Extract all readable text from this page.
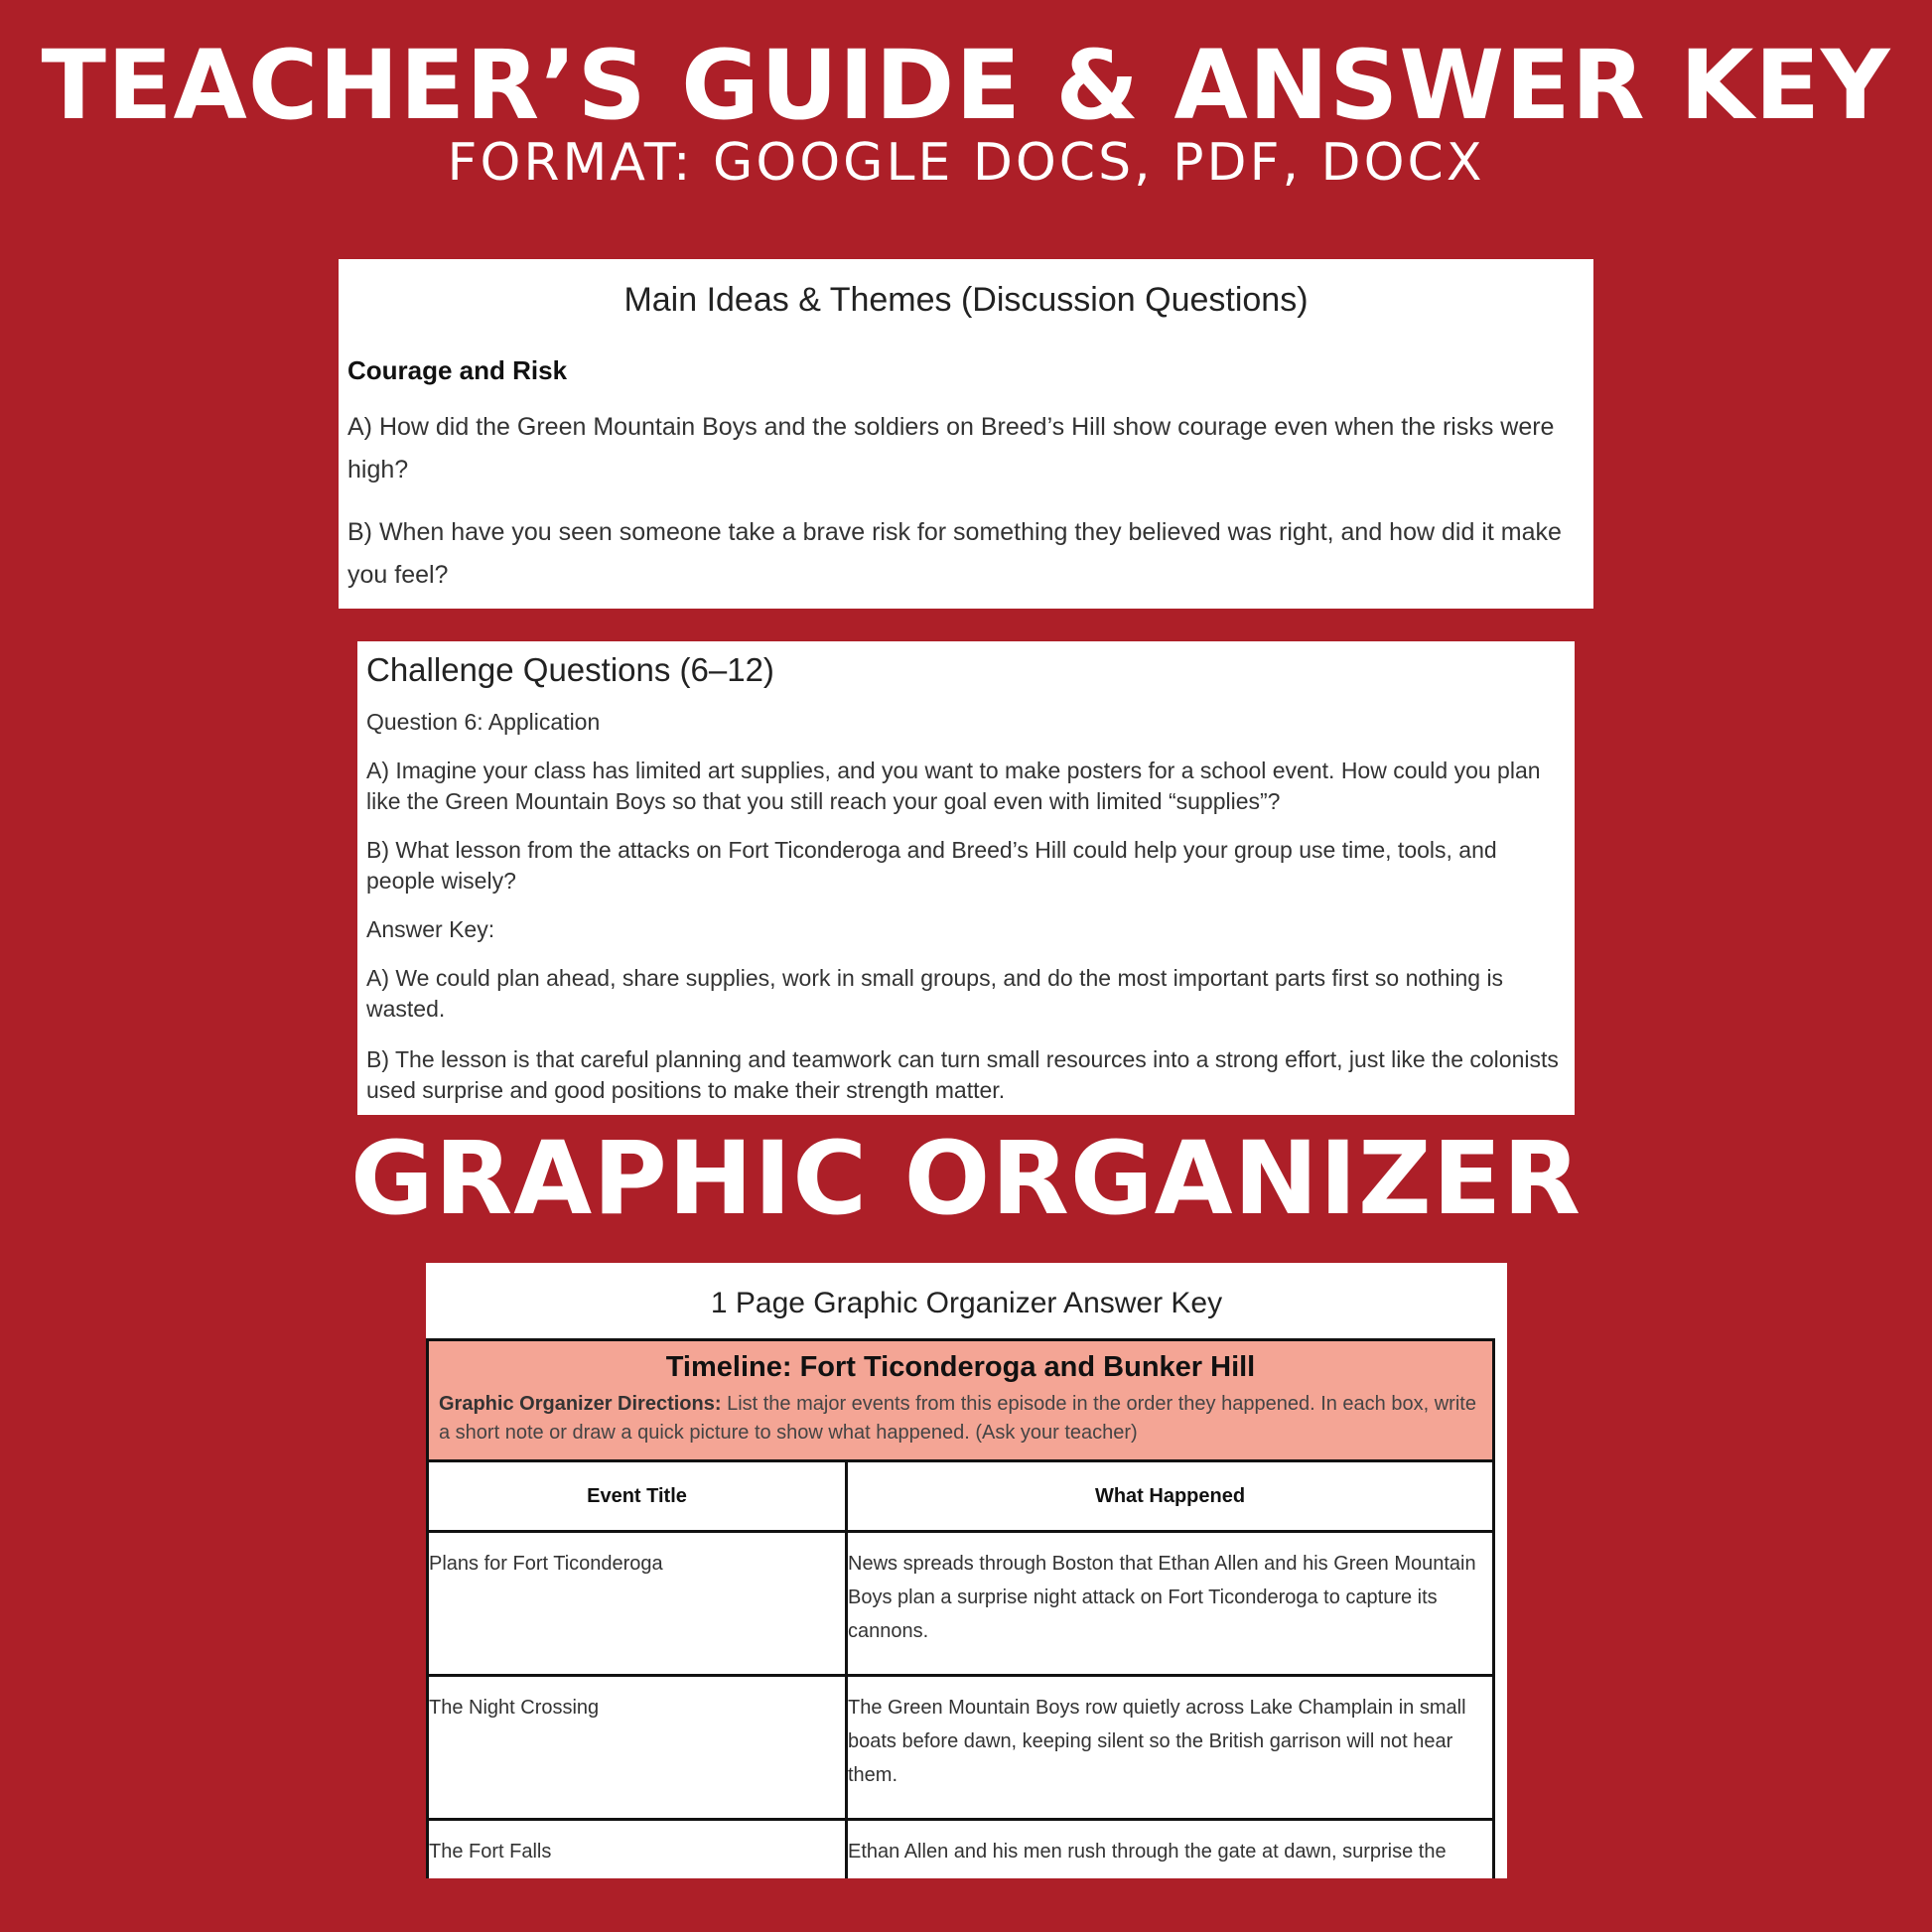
TEACHER’S GUIDE & ANSWER KEY
FORMAT: GOOGLE DOCS, PDF, DOCX
Main Ideas & Themes (Discussion Questions)
Courage and Risk
A) How did the Green Mountain Boys and the soldiers on Breed’s Hill show courage even when the risks were high?
B) When have you seen someone take a brave risk for something they believed was right, and how did it make you feel?
Challenge Questions (6–12)
Question 6: Application
A) Imagine your class has limited art supplies, and you want to make posters for a school event. How could you plan like the Green Mountain Boys so that you still reach your goal even with limited “supplies”?
B) What lesson from the attacks on Fort Ticonderoga and Breed’s Hill could help your group use time, tools, and people wisely?
Answer Key:
A) We could plan ahead, share supplies, work in small groups, and do the most important parts first so nothing is wasted.
B) The lesson is that careful planning and teamwork can turn small resources into a strong effort, just like the colonists used surprise and good positions to make their strength matter.
GRAPHIC ORGANIZER
1 Page Graphic Organizer Answer Key
Timeline: Fort Ticonderoga and Bunker Hill
Graphic Organizer Directions: List the major events from this episode in the order they happened. In each box, write a short note or draw a quick picture to show what happened. (Ask your teacher)	

Event Title	What Happened
Plans for Fort Ticonderoga	News spreads through Boston that Ethan Allen and his Green Mountain Boys plan a surprise night attack on Fort Ticonderoga to capture its cannons.
The Night Crossing	The Green Mountain Boys row quietly across Lake Champlain in small boats before dawn, keeping silent so the British garrison will not hear them.
The Fort Falls	Ethan Allen and his men rush through the gate at dawn, surprise the
